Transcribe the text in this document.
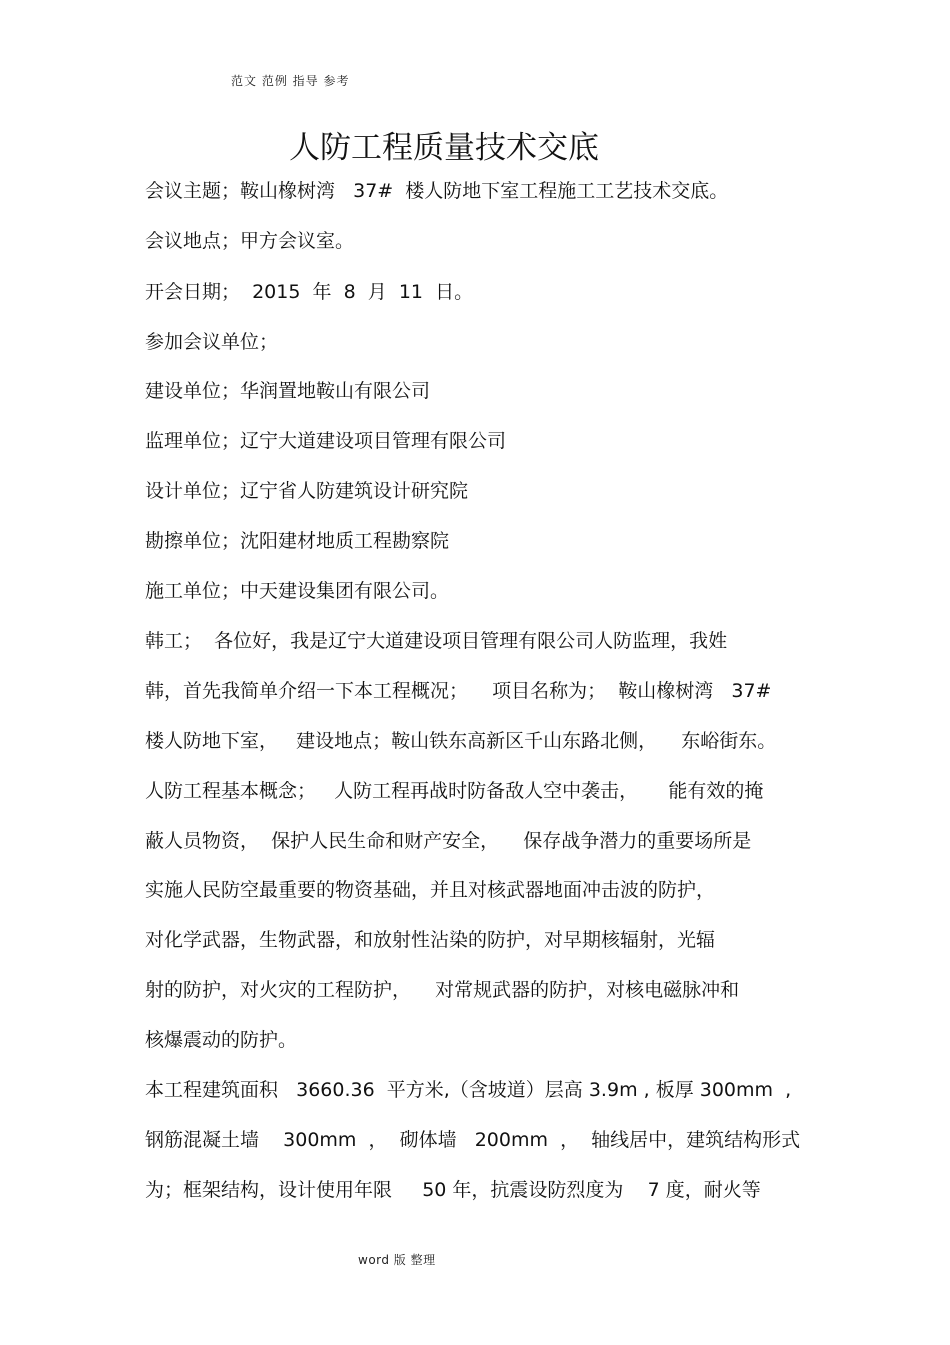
范文 范例 指导 参考
人防工程质量技术交底
会议主题；鞍山橡树湾   37#  楼人防地下室工程施工工艺技术交底。
会议地点；甲方会议室。
开会日期；  2015  年  8  月  11  日。
参加会议单位；
建设单位；华润置地鞍山有限公司
监理单位；辽宁大道建设项目管理有限公司
设计单位；辽宁省人防建筑设计研究院
勘擦单位；沈阳建材地质工程勘察院
施工单位；中天建设集团有限公司。
韩工；  各位好，我是辽宁大道建设项目管理有限公司人防监理，我姓
韩，首先我简单介绍一下本工程概况；    项目名称为；  鞍山橡树湾   37#
楼人防地下室，   建设地点；鞍山铁东高新区千山东路北侧，    东峪街东。
人防工程基本概念；   人防工程再战时防备敌人空中袭击，     能有效的掩
蔽人员物资，  保护人民生命和财产安全，    保存战争潜力的重要场所是
实施人民防空最重要的物资基础，并且对核武器地面冲击波的防护，
对化学武器，生物武器，和放射性沾染的防护，对早期核辐射，光辐
射的防护，对火灾的工程防护，    对常规武器的防护，对核电磁脉冲和
核爆震动的防护。
本工程建筑面积   3660.36  平方米,（含坡道）层高 3.9m , 板厚 300mm  ,
钢筋混凝土墙    300mm  ，  砌体墙   200mm  ，  轴线居中，建筑结构形式
为；框架结构，设计使用年限     50 年，抗震设防烈度为    7 度，耐火等
word 版 整理
